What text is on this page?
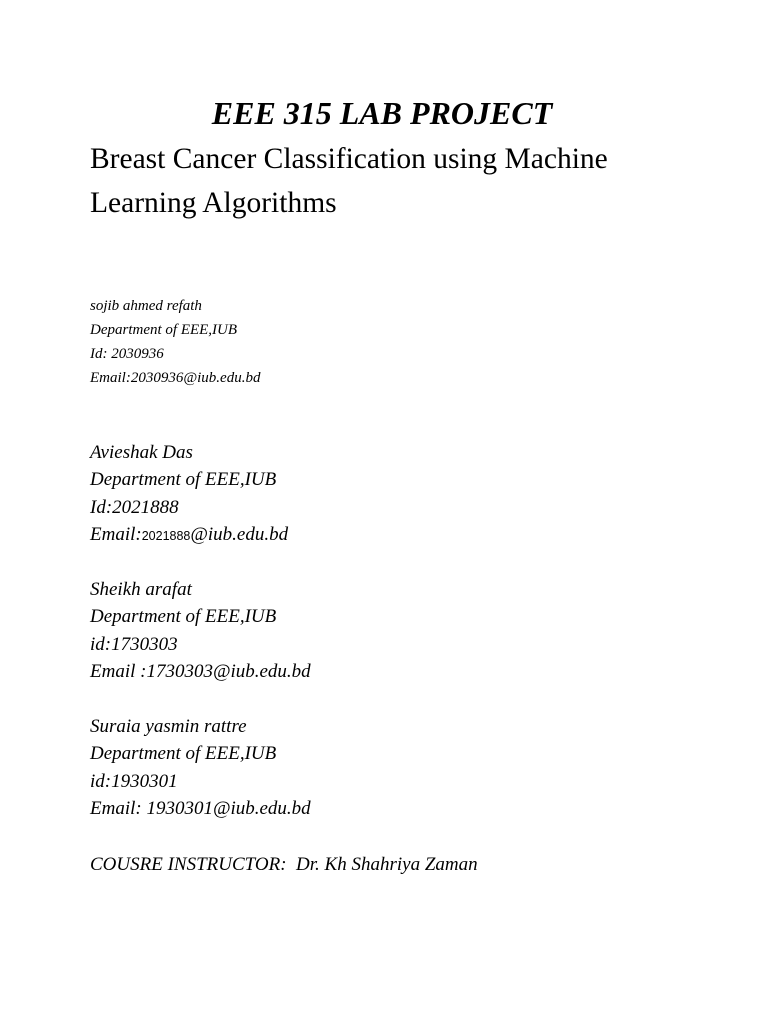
EEE 315 LAB PROJECT
Breast Cancer Classification using Machine Learning Algorithms
sojib ahmed refath
Department of EEE,IUB
Id: 2030936
Email:2030936@iub.edu.bd
Avieshak Das
Department of EEE,IUB
Id:2021888
Email:2021888@iub.edu.bd
Sheikh arafat
Department of EEE,IUB
id:1730303
Email :1730303@iub.edu.bd
Suraia yasmin rattre
Department of EEE,IUB
id:1930301
Email: 1930301@iub.edu.bd
COUSRE INSTRUCTOR: Dr. Kh Shahriya Zaman
